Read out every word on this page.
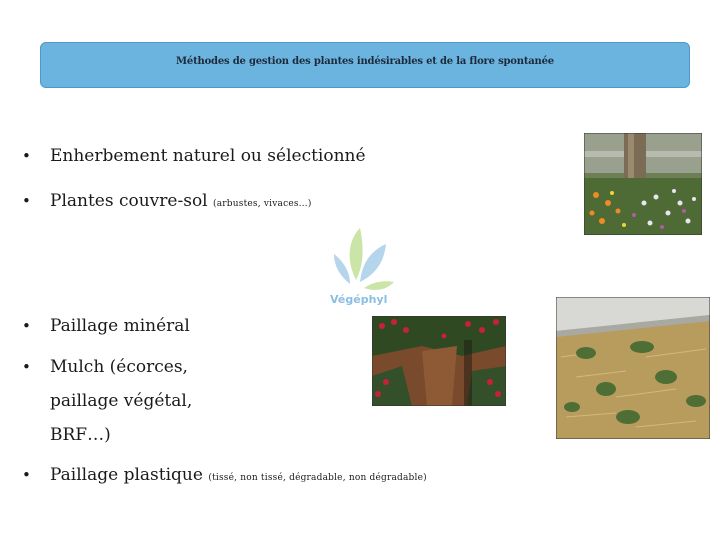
Méthodes de gestion des plantes indésirables et de la flore spontanée
Végéphyl
• Enherbement naturel ou sélectionné
• Plantes couvre-sol (arbustes, vivaces…)
• Paillage minéral
• Mulch (écorces,
paillage végétal,
BRF…)
• Paillage plastique (tissé, non tissé, dégradable, non dégradable)
